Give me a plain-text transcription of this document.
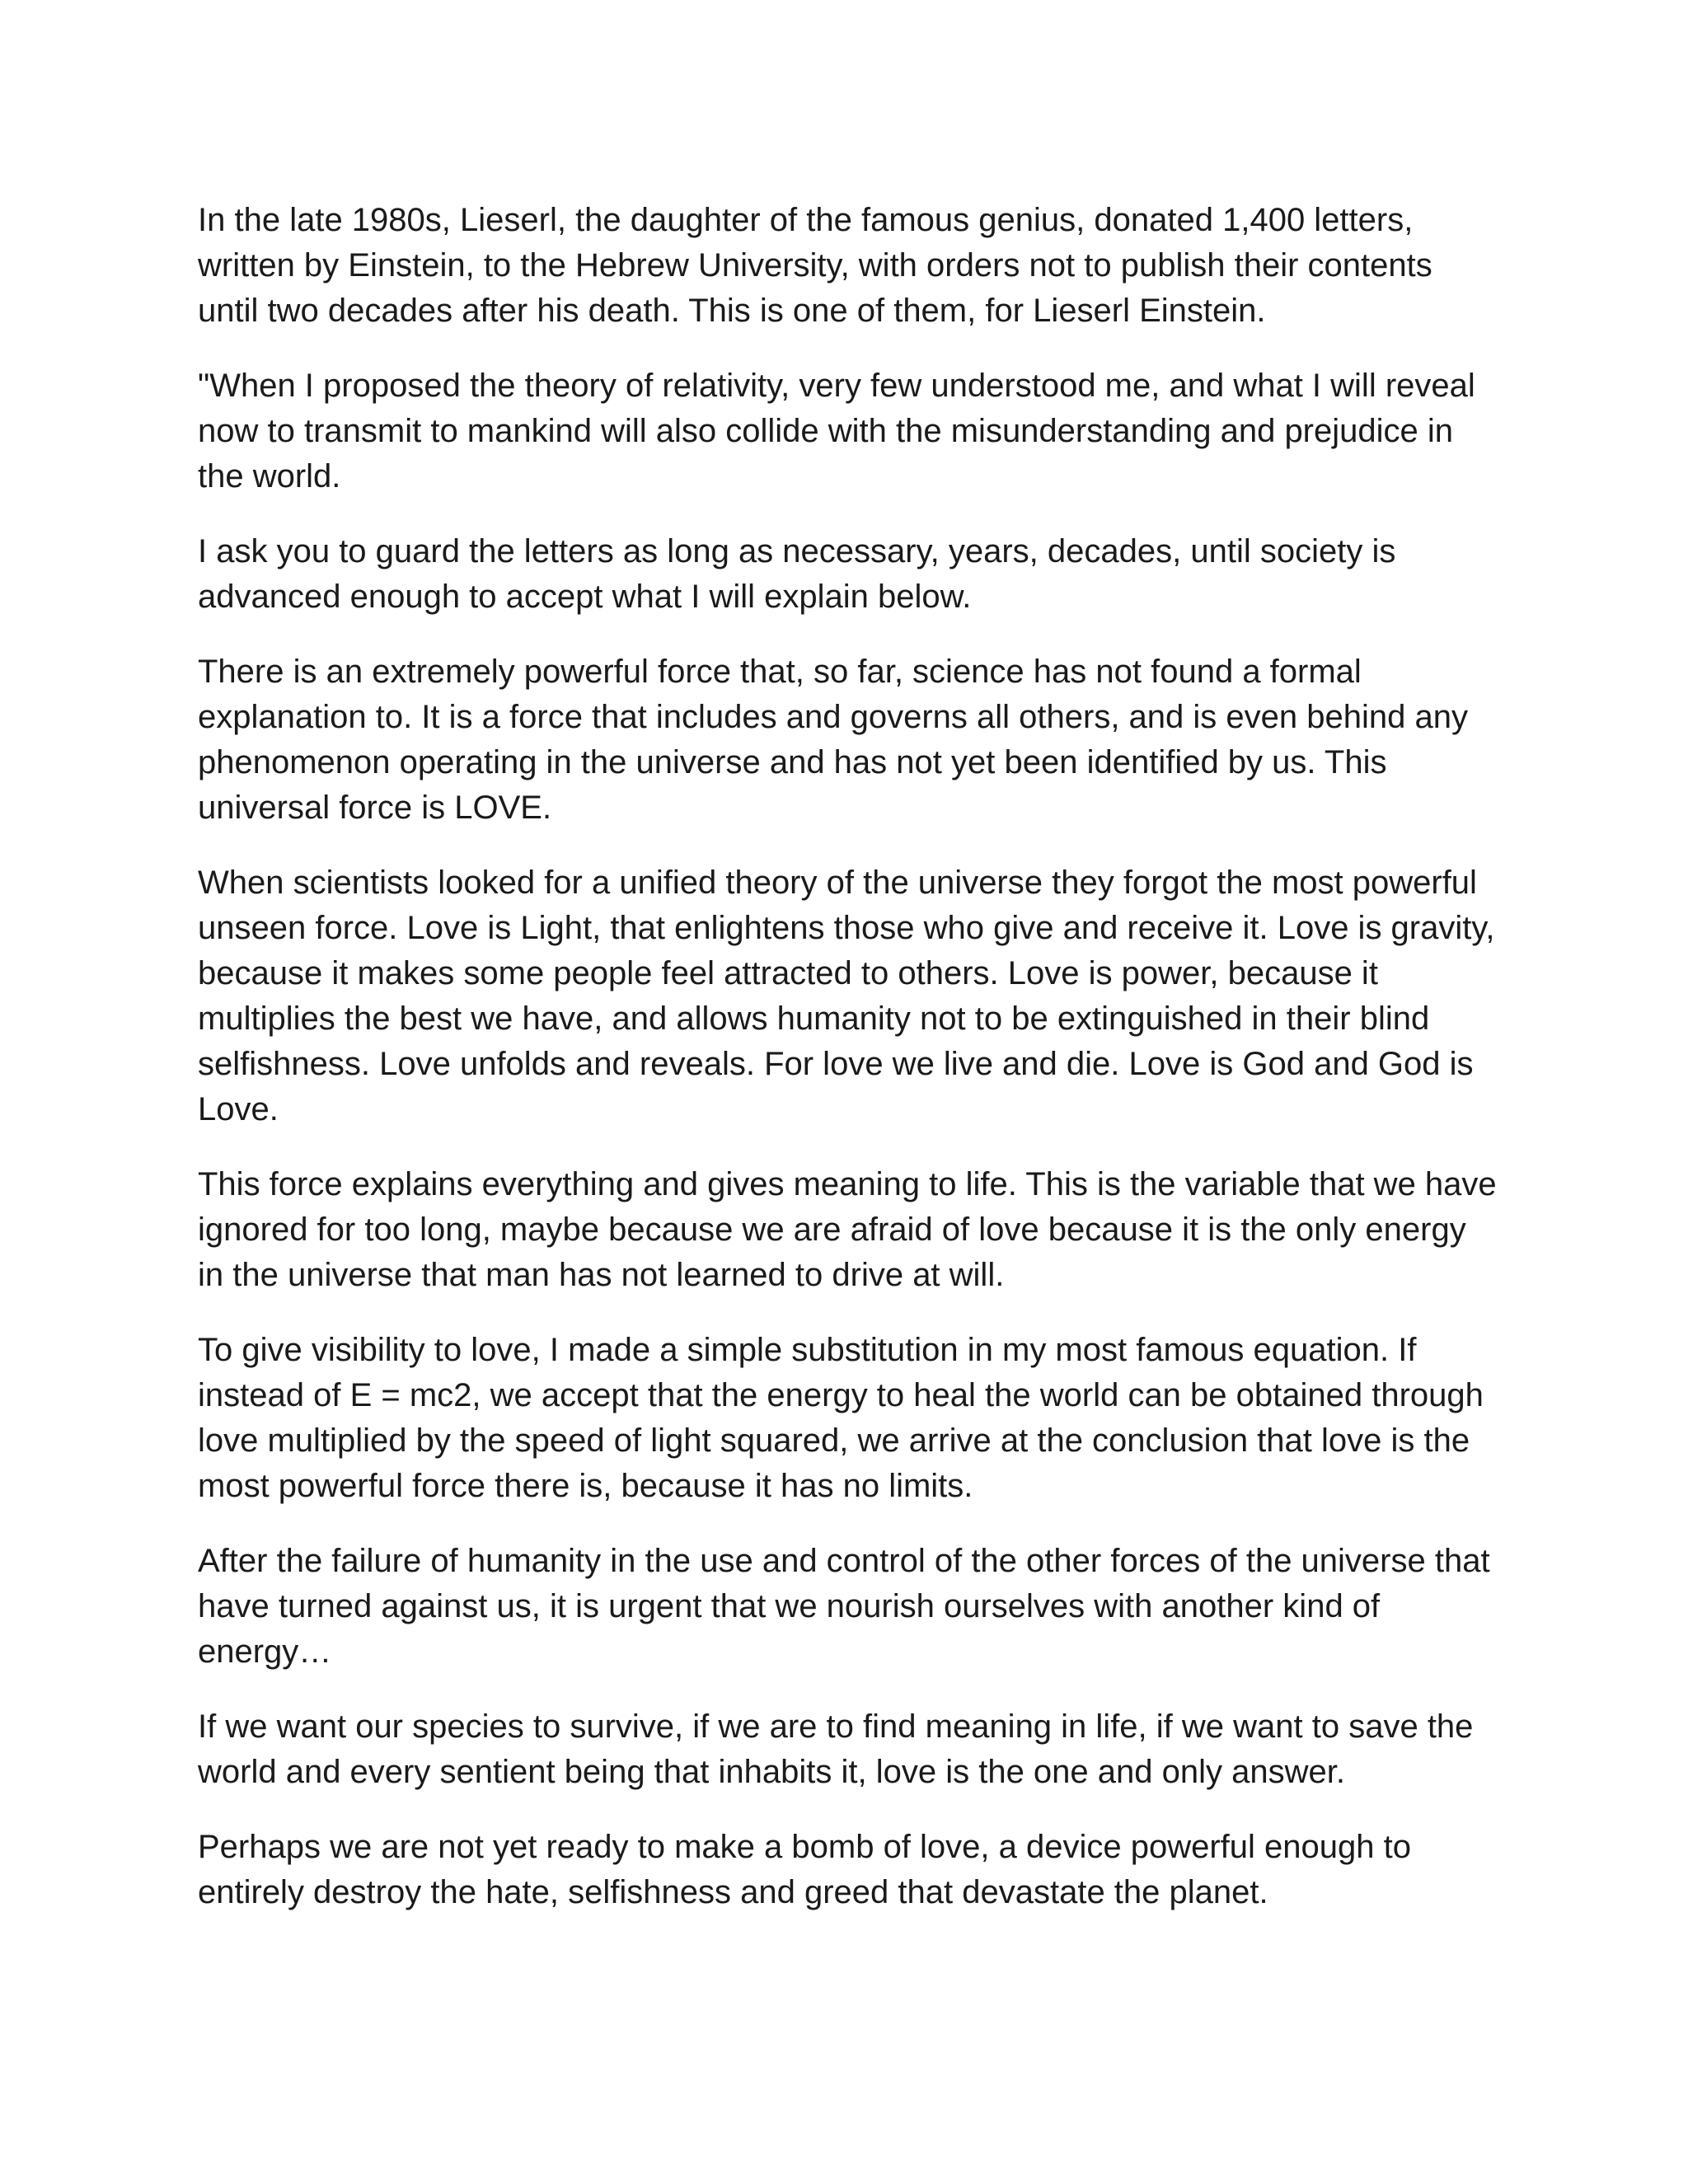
In the late 1980s, Lieserl, the daughter of the famous genius, donated 1,400 letters, written by Einstein, to the Hebrew University, with orders not to publish their contents until two decades after his death. This is one of them, for Lieserl Einstein.

"When I proposed the theory of relativity, very few understood me, and what I will reveal now to transmit to mankind will also collide with the misunderstanding and prejudice in the world.

I ask you to guard the letters as long as necessary, years, decades, until society is advanced enough to accept what I will explain below.

There is an extremely powerful force that, so far, science has not found a formal explanation to. It is a force that includes and governs all others, and is even behind any phenomenon operating in the universe and has not yet been identified by us. This universal force is LOVE.

When scientists looked for a unified theory of the universe they forgot the most powerful unseen force. Love is Light, that enlightens those who give and receive it. Love is gravity, because it makes some people feel attracted to others. Love is power, because it multiplies the best we have, and allows humanity not to be extinguished in their blind selfishness. Love unfolds and reveals. For love we live and die. Love is God and God is Love.

This force explains everything and gives meaning to life. This is the variable that we have ignored for too long, maybe because we are afraid of love because it is the only energy in the universe that man has not learned to drive at will.

To give visibility to love, I made a simple substitution in my most famous equation. If instead of E = mc2, we accept that the energy to heal the world can be obtained through love multiplied by the speed of light squared, we arrive at the conclusion that love is the most powerful force there is, because it has no limits.

After the failure of humanity in the use and control of the other forces of the universe that have turned against us, it is urgent that we nourish ourselves with another kind of energy…

If we want our species to survive, if we are to find meaning in life, if we want to save the world and every sentient being that inhabits it, love is the one and only answer.

Perhaps we are not yet ready to make a bomb of love, a device powerful enough to entirely destroy the hate, selfishness and greed that devastate the planet.
